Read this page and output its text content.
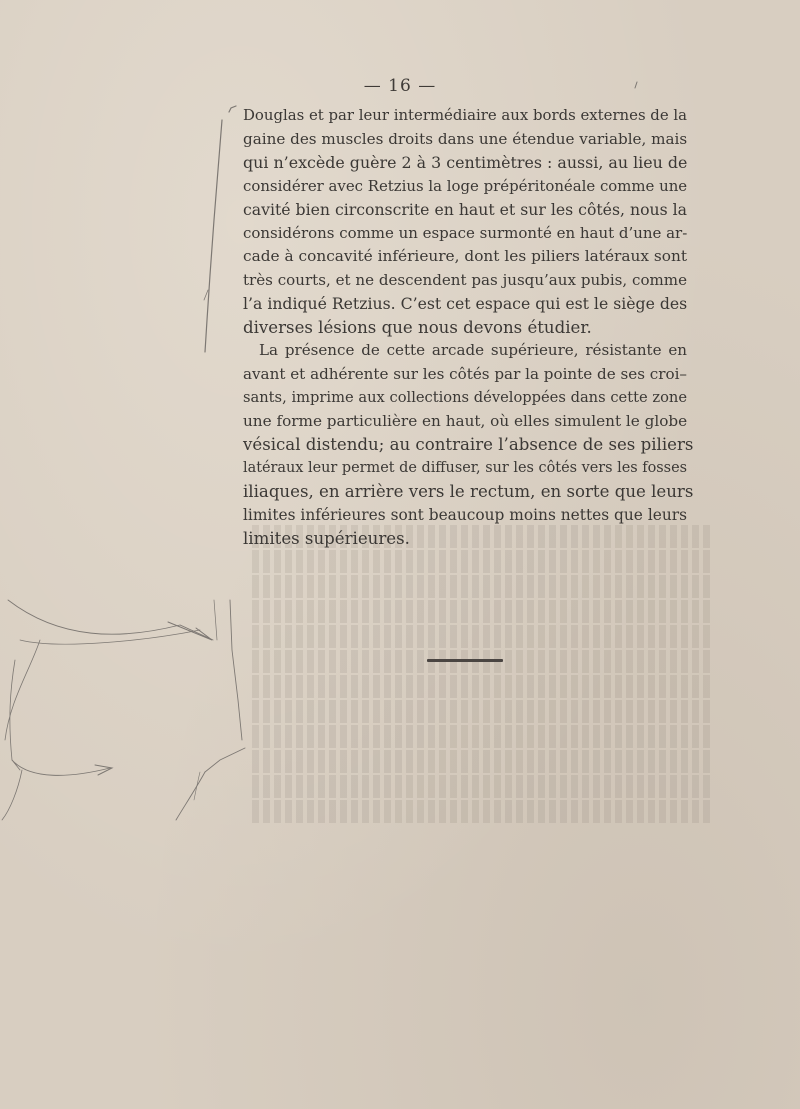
— 16 —
Douglas et par leur intermédiaire aux bords externes de la
gaine des muscles droits dans une étendue variable, mais
qui n’excède guère 2 à 3 centimètres : aussi, au lieu de
considérer avec Retzius la loge prépéritonéale comme une
cavité bien circonscrite en haut et sur les côtés, nous la
considérons comme un espace surmonté en haut d’une ar-
cade à concavité inférieure, dont les piliers latéraux sont
très courts, et ne descendent pas jusqu’aux pubis, comme
l’a indiqué Retzius. C’est cet espace qui est le siège des
diverses lésions que nous devons étudier.
La présence de cette arcade supérieure, résistante en
avant et adhérente sur les côtés par la pointe de ses croi–
sants, imprime aux collections développées dans cette zone
une forme particulière en haut, où elles simulent le globe
vésical distendu; au contraire l’absence de ses piliers
latéraux leur permet de diffuser, sur les côtés vers les fosses
iliaques, en arrière vers le rectum, en sorte que leurs
limites inférieures sont beaucoup moins nettes que leurs
limites supérieures.
